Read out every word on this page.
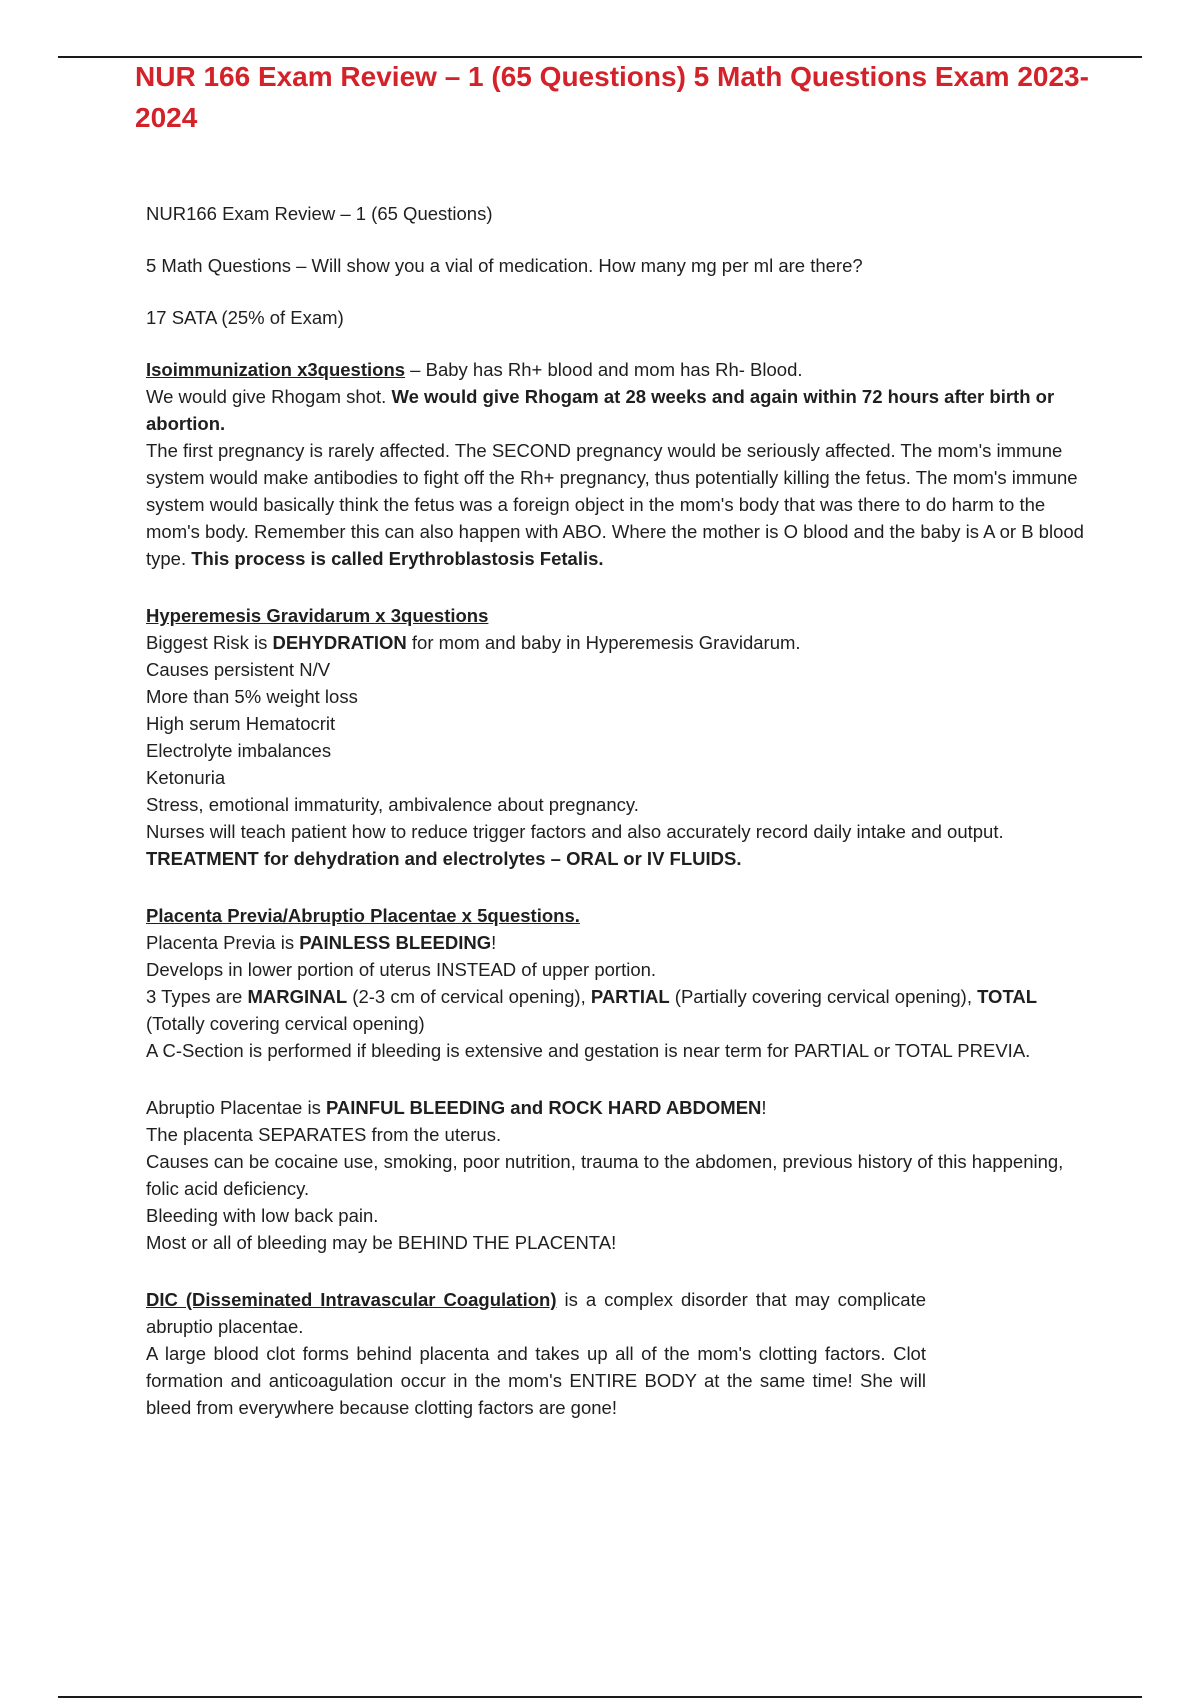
NUR 166 Exam Review – 1 (65 Questions) 5 Math Questions Exam 2023-2024

NUR166 Exam Review – 1 (65 Questions)

5 Math Questions – Will show you a vial of medication. How many mg per ml are there?

17 SATA (25% of Exam)

Isoimmunization x3questions – Baby has Rh+ blood and mom has Rh- Blood.

We would give Rhogam shot. We would give Rhogam at 28 weeks and again within 72 hours after birth or abortion.

The first pregnancy is rarely affected. The SECOND pregnancy would be seriously affected. The mom's immune system would make antibodies to fight off the Rh+ pregnancy, thus potentially killing the fetus. The mom's immune system would basically think the fetus was a foreign object in the mom's body that was there to do harm to the mom's body. Remember this can also happen with ABO. Where the mother is O blood and the baby is A or B blood type. This process is called Erythroblastosis Fetalis.

Hyperemesis Gravidarum x 3questions

Biggest Risk is DEHYDRATION for mom and baby in Hyperemesis Gravidarum.

Causes persistent N/V

More than 5% weight loss

High serum Hematocrit

Electrolyte imbalances

Ketonuria

Stress, emotional immaturity, ambivalence about pregnancy.

Nurses will teach patient how to reduce trigger factors and also accurately record daily intake and output.

TREATMENT for dehydration and electrolytes – ORAL or IV FLUIDS.

Placenta Previa/Abruptio Placentae x 5questions.

Placenta Previa is PAINLESS BLEEDING!

Develops in lower portion of uterus INSTEAD of upper portion.

3 Types are MARGINAL (2-3 cm of cervical opening), PARTIAL (Partially covering cervical opening), TOTAL (Totally covering cervical opening)

A C-Section is performed if bleeding is extensive and gestation is near term for PARTIAL or TOTAL PREVIA.

Abruptio Placentae is PAINFUL BLEEDING and ROCK HARD ABDOMEN!

The placenta SEPARATES from the uterus.

Causes can be cocaine use, smoking, poor nutrition, trauma to the abdomen, previous history of this happening, folic acid deficiency.

Bleeding with low back pain.

Most or all of bleeding may be BEHIND THE PLACENTA!

DIC (Disseminated Intravascular Coagulation) is a complex disorder that may complicate abruptio placentae.

A large blood clot forms behind placenta and takes up all of the mom's clotting factors. Clot formation and anticoagulation occur in the mom's ENTIRE BODY at the same time! She will bleed from everywhere because clotting factors are gone!
